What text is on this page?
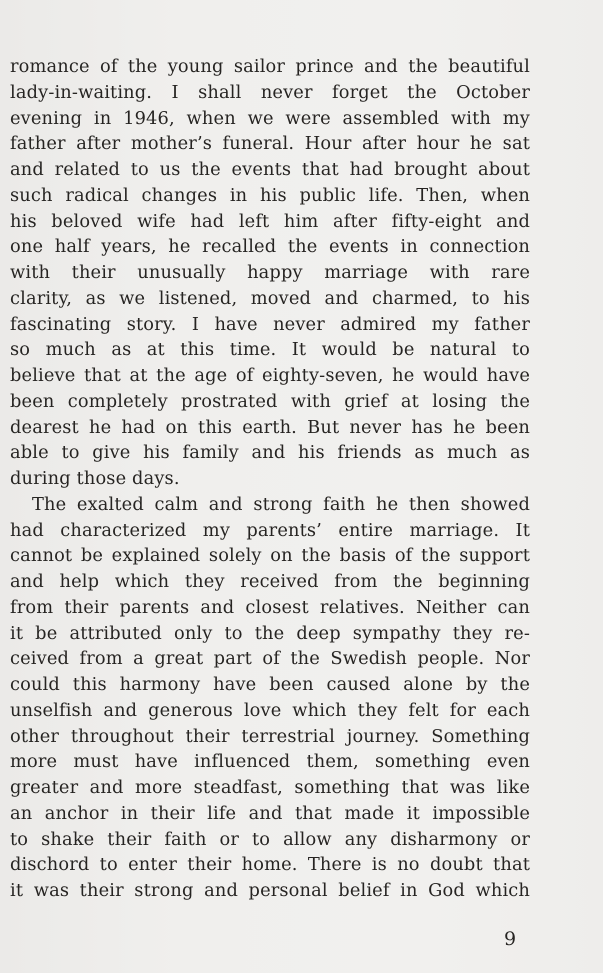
romance of the young sailor prince and the beautiful
lady-in-waiting. I shall never forget the October
evening in 1946, when we were assembled with my
father after mother’s funeral. Hour after hour he sat
and related to us the events that had brought about
such radical changes in his public life. Then, when
his beloved wife had left him after fifty-eight and
one half years, he recalled the events in connection
with their unusually happy marriage with rare
clarity, as we listened, moved and charmed, to his
fascinating story. I have never admired my father
so much as at this time. It would be natural to
believe that at the age of eighty-seven, he would have
been completely prostrated with grief at losing the
dearest he had on this earth. But never has he been
able to give his family and his friends as much as
during those days.
The exalted calm and strong faith he then showed
had characterized my parents’ entire marriage. It
cannot be explained solely on the basis of the support
and help which they received from the beginning
from their parents and closest relatives. Neither can
it be attributed only to the deep sympathy they re-
ceived from a great part of the Swedish people. Nor
could this harmony have been caused alone by the
unselfish and generous love which they felt for each
other throughout their terrestrial journey. Something
more must have influenced them, something even
greater and more steadfast, something that was like
an anchor in their life and that made it impossible
to shake their faith or to allow any disharmony or
dischord to enter their home. There is no doubt that
it was their strong and personal belief in God which
9
